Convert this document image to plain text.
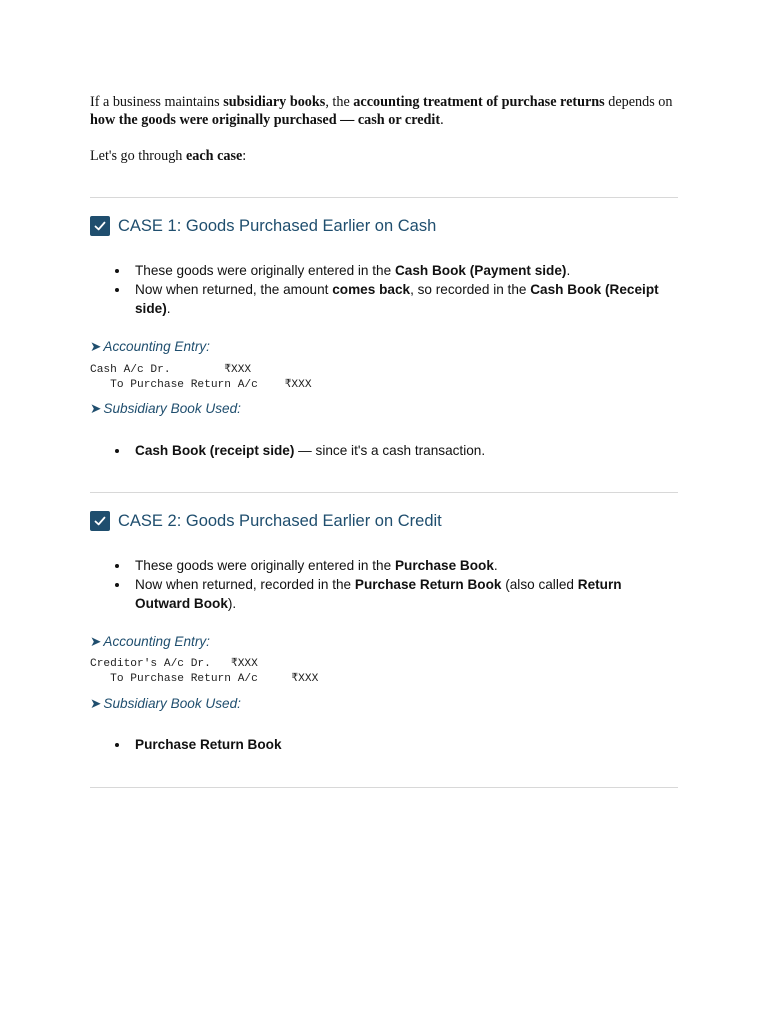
If a business maintains subsidiary books, the accounting treatment of purchase returns depends on how the goods were originally purchased — cash or credit.

Let's go through each case:

CASE 1: Goods Purchased Earlier on Cash
These goods were originally entered in the Cash Book (Payment side).
Now when returned, the amount comes back, so recorded in the Cash Book (Receipt side).
➤ Accounting Entry:
Cash A/c Dr.        ₹XXX
To Purchase Return A/c    ₹XXX
➤ Subsidiary Book Used:
Cash Book (receipt side) — since it's a cash transaction.
CASE 2: Goods Purchased Earlier on Credit
These goods were originally entered in the Purchase Book.
Now when returned, recorded in the Purchase Return Book (also called Return Outward Book).
➤ Accounting Entry:
Creditor's A/c Dr.   ₹XXX
To Purchase Return A/c     ₹XXX
➤ Subsidiary Book Used:
Purchase Return Book
